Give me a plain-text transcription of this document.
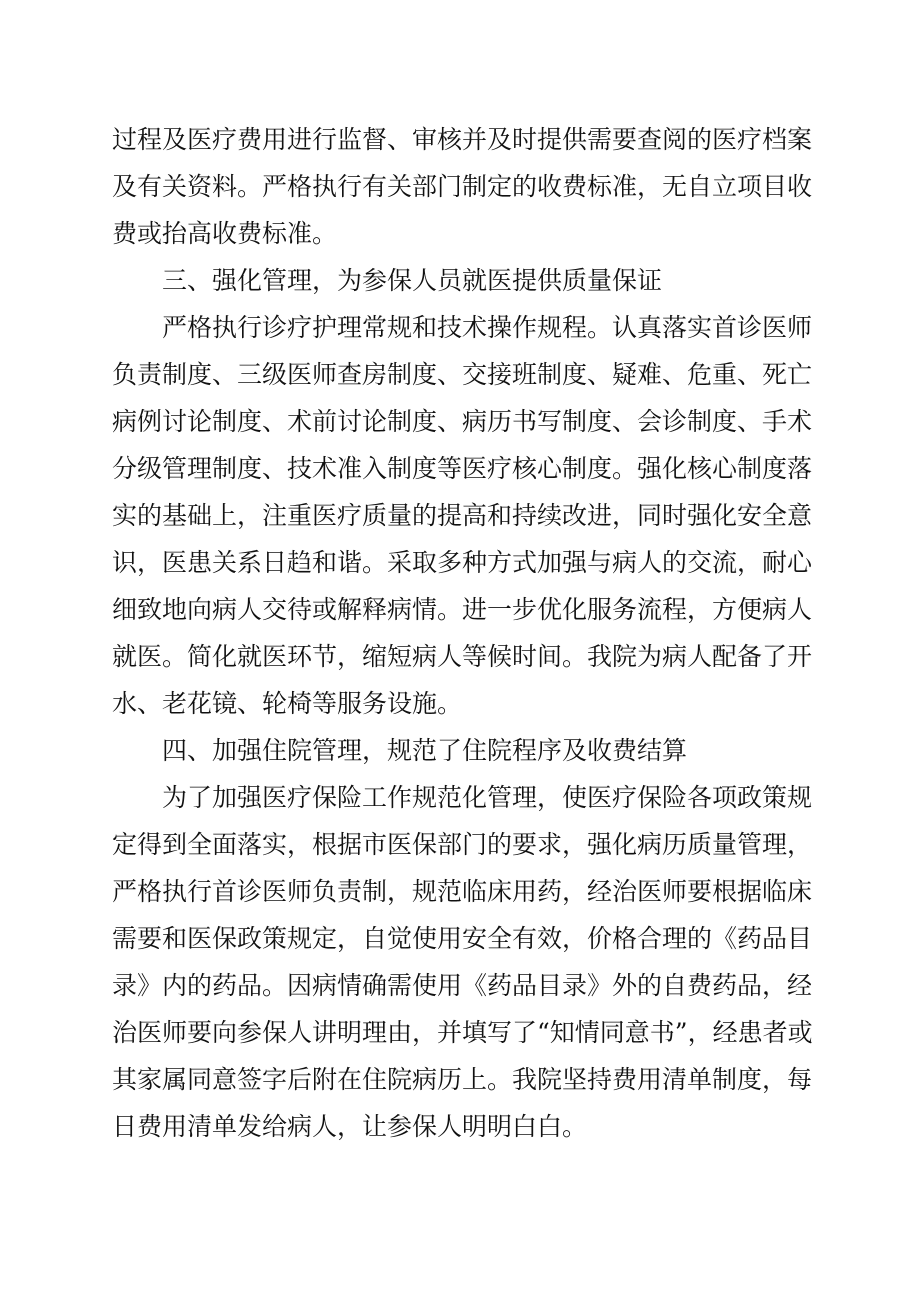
过程及医疗费用进行监督、审核并及时提供需要查阅的医疗档案
及有关资料。严格执行有关部门制定的收费标准，无自立项目收
费或抬高收费标准。
三、强化管理，为参保人员就医提供质量保证
严格执行诊疗护理常规和技术操作规程。认真落实首诊医师
负责制度、三级医师查房制度、交接班制度、疑难、危重、死亡
病例讨论制度、术前讨论制度、病历书写制度、会诊制度、手术
分级管理制度、技术准入制度等医疗核心制度。强化核心制度落
实的基础上，注重医疗质量的提高和持续改进，同时强化安全意
识，医患关系日趋和谐。采取多种方式加强与病人的交流，耐心
细致地向病人交待或解释病情。进一步优化服务流程，方便病人
就医。简化就医环节，缩短病人等候时间。我院为病人配备了开
水、老花镜、轮椅等服务设施。
四、加强住院管理，规范了住院程序及收费结算
为了加强医疗保险工作规范化管理，使医疗保险各项政策规
定得到全面落实，根据市医保部门的要求，强化病历质量管理，
严格执行首诊医师负责制，规范临床用药，经治医师要根据临床
需要和医保政策规定，自觉使用安全有效，价格合理的《药品目
录》内的药品。因病情确需使用《药品目录》外的自费药品，经
治医师要向参保人讲明理由，并填写了“知情同意书”，经患者或
其家属同意签字后附在住院病历上。我院坚持费用清单制度，每
日费用清单发给病人，让参保人明明白白。
